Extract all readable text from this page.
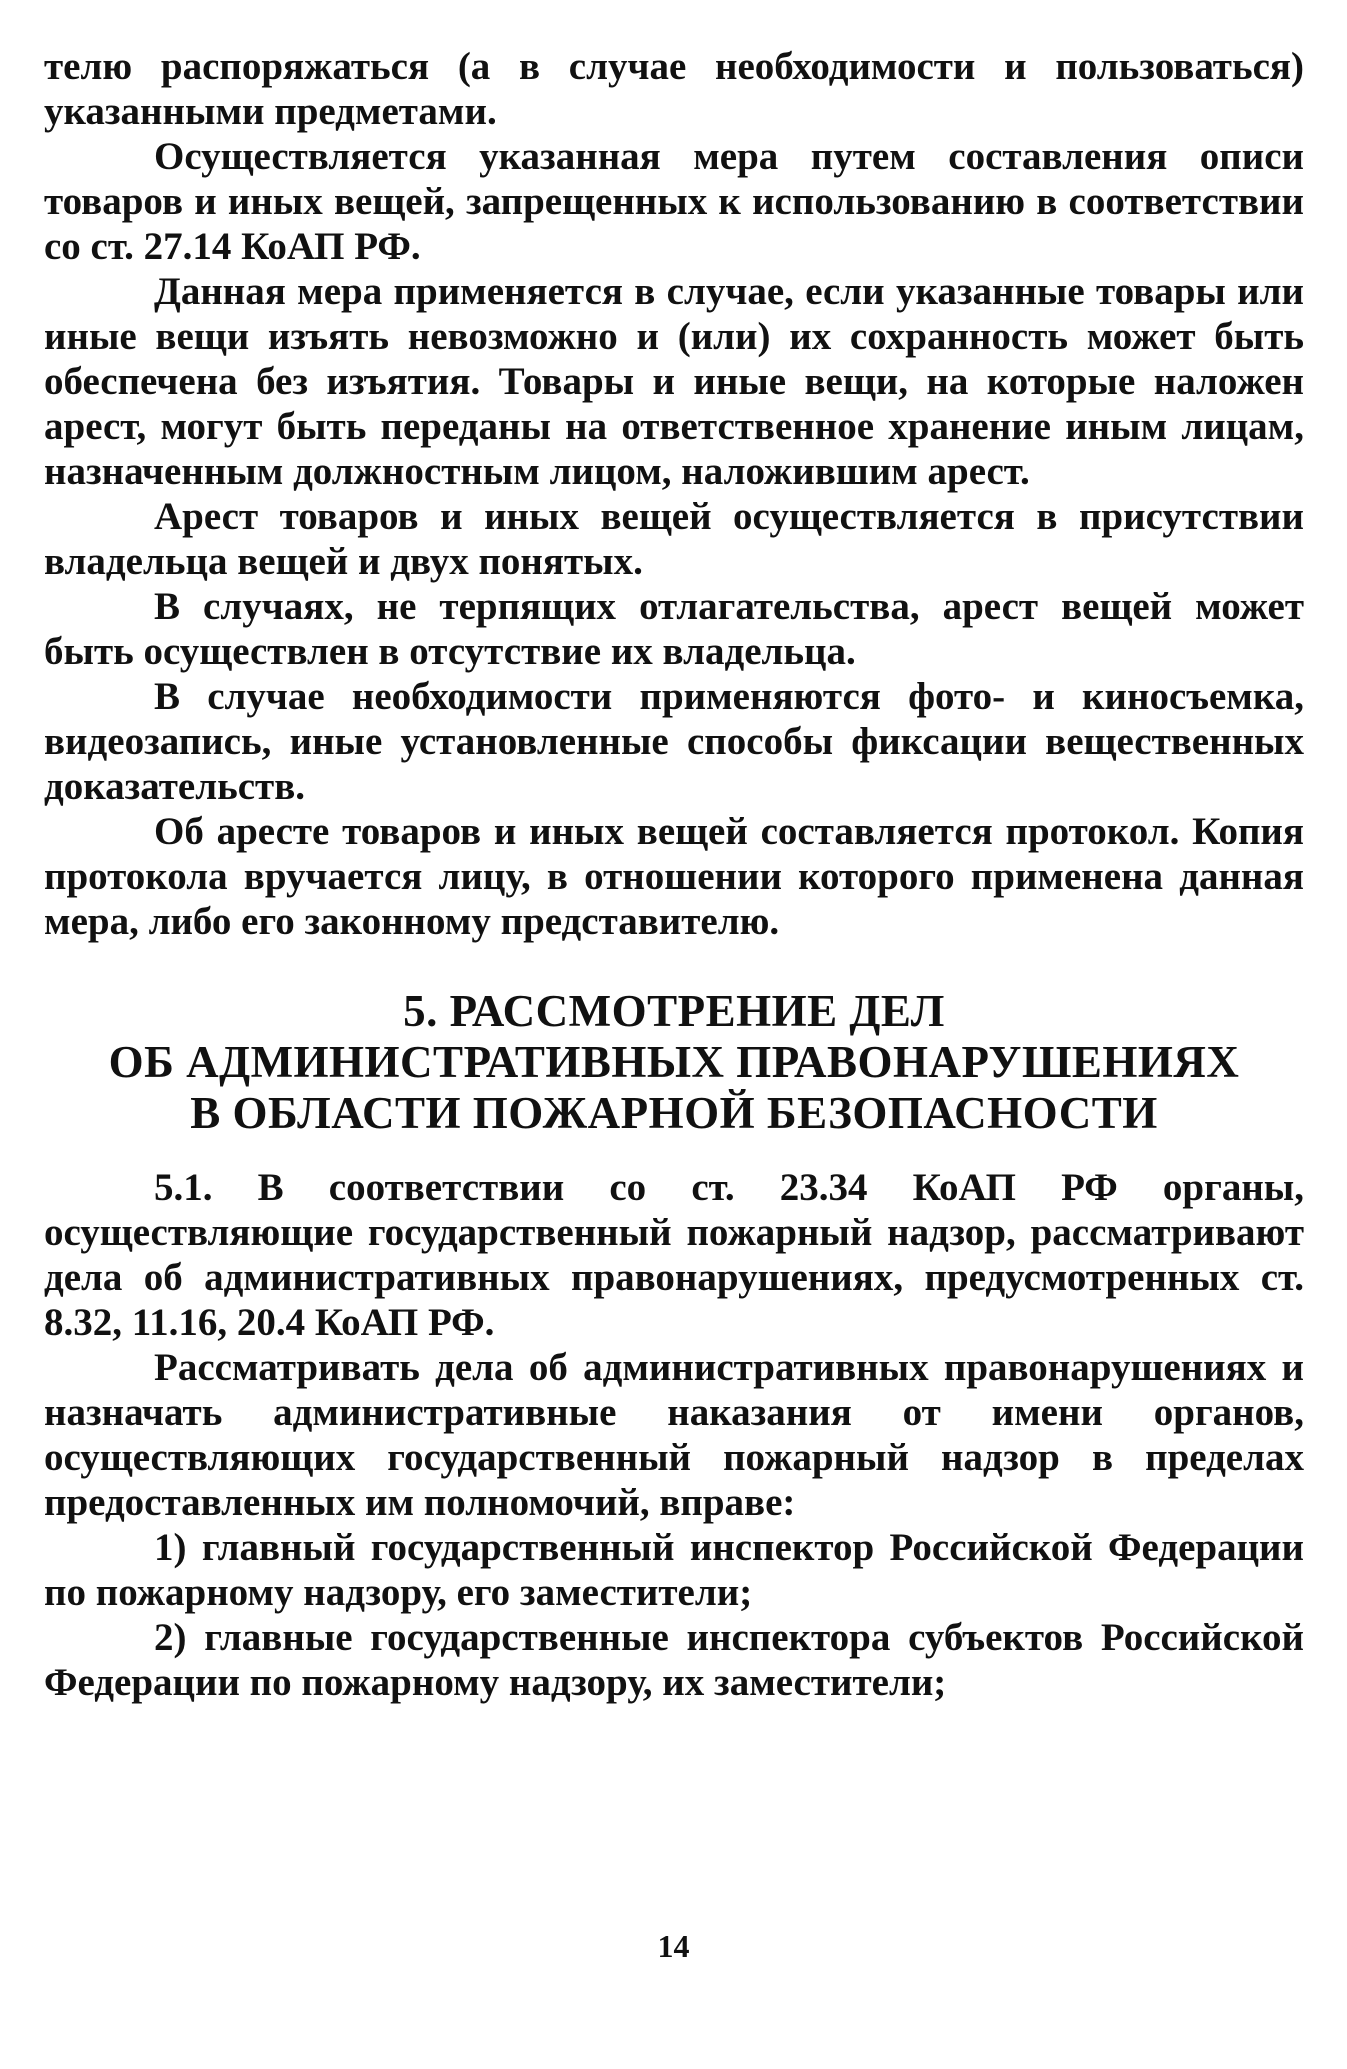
телю распоряжаться (а в случае необходимости и пользоваться) указанными предметами.

Осуществляется указанная мера путем составления описи товаров и иных вещей, запрещенных к использованию в соответствии со ст. 27.14 КоАП РФ.

Данная мера применяется в случае, если указанные товары или иные вещи изъять невозможно и (или) их сохранность может быть обеспечена без изъятия. Товары и иные вещи, на которые наложен арест, могут быть переданы на ответственное хранение иным лицам, назначенным должностным лицом, наложившим арест.

Арест товаров и иных вещей осуществляется в присутствии владельца вещей и двух понятых.

В случаях, не терпящих отлагательства, арест вещей может быть осуществлен в отсутствие их владельца.

В случае необходимости применяются фото- и киносъемка, видеозапись, иные установленные способы фиксации вещественных доказательств.

Об аресте товаров и иных вещей составляется протокол. Копия протокола вручается лицу, в отношении которого применена данная мера, либо его законному представителю.

5. РАССМОТРЕНИЕ ДЕЛ
ОБ АДМИНИСТРАТИВНЫХ ПРАВОНАРУШЕНИЯХ
В ОБЛАСТИ ПОЖАРНОЙ БЕЗОПАСНОСТИ

5.1. В соответствии со ст. 23.34 КоАП РФ органы, осуществляющие государственный пожарный надзор, рассматривают дела об административных правонарушениях, предусмотренных ст. 8.32, 11.16, 20.4 КоАП РФ.

Рассматривать дела об административных правонарушениях и назначать административные наказания от имени органов, осуществляющих государственный пожарный надзор в пределах предоставленных им полномочий, вправе:

1) главный государственный инспектор Российской Федерации по пожарному надзору, его заместители;

2) главные государственные инспектора субъектов Российской Федерации по пожарному надзору, их заместители;

14
